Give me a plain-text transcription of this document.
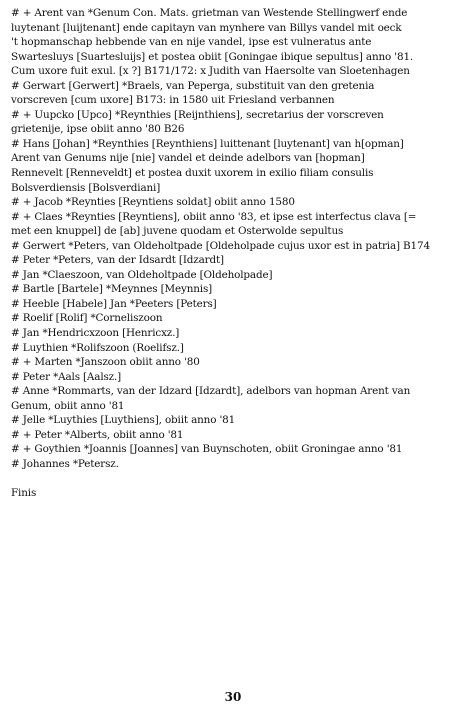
# + Arent van *Genum Con. Mats. grietman van Westende Stellingwerf ende
luytenant [luijtenant] ende capitayn van mynhere van Billys vandel mit oeck
't hopmanschap hebbende van en nije vandel, ipse est vulneratus ante
Swartesluys [Suartesluijs] et postea obiit [Goningae ibique sepultus] anno '81.
Cum uxore fuit exul. [x ?] B171/172: x Judith van Haersolte van Sloetenhagen
# Gerwart [Gerwert] *Braels, van Peperga, substituit van den gretenia
vorscreven [cum uxore] B173: in 1580 uit Friesland verbannen
# + Uupcko [Upco] *Reynthies [Reijnthiens], secretarius der vorscreven
grietenije, ipse obiit anno '80 B26
# Hans [Johan] *Reynthies [Reynthiens] luittenant [luytenant] van h[opman]
Arent van Genums nije [nie] vandel et deinde adelbors van [hopman]
Rennevelt [Renneveldt] et postea duxit uxorem in exilio filiam consulis
Bolsverdiensis [Bolsverdiani]
# + Jacob *Reynties [Reyntiens soldat] obiit anno 1580
# + Claes *Reynties [Reyntiens], obiit anno '83, et ipse est interfectus clava [=
met een knuppel] de [ab] juvene quodam et Osterwolde sepultus
# Gerwert *Peters, van Oldeholtpade [Oldeholpade cujus uxor est in patria] B174
# Peter *Peters, van der Idsardt [Idzardt]
# Jan *Claeszoon, van Oldeholtpade [Oldeholpade]
# Bartle [Bartele] *Meynnes [Meynnis]
# Heeble [Habele] Jan *Peeters [Peters]
# Roelif [Rolif] *Corneliszoon
# Jan *Hendricxzoon [Henricxz.]
# Luythien *Rolifszoon (Roelifsz.]
# + Marten *Janszoon obiit anno '80
# Peter *Aals [Aalsz.]
# Anne *Rommarts, van der Idzard [Idzardt], adelbors van hopman Arent van
Genum, obiit anno '81
# Jelle *Luythies [Luythiens], obiit anno '81
# + Peter *Alberts, obiit anno '81
# + Goythien *Joannis [Joannes] van Buynschoten, obiit Groningae anno '81
# Johannes *Petersz.
Finis
30
